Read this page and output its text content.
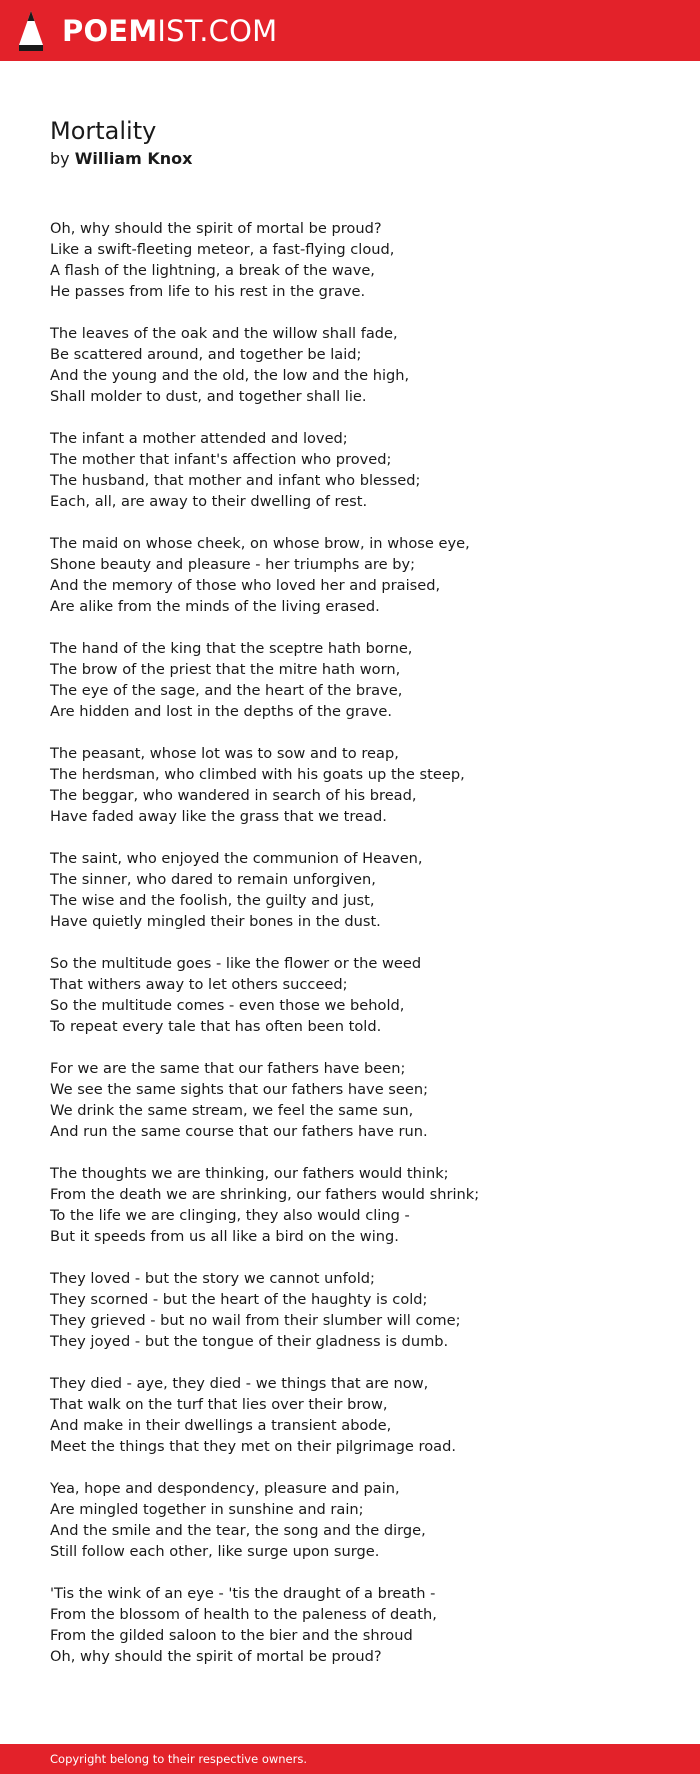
POEMIST.COM
Mortality
by William Knox
Oh, why should the spirit of mortal be proud?
Like a swift-fleeting meteor, a fast-flying cloud,
A flash of the lightning, a break of the wave,
He passes from life to his rest in the grave.
The leaves of the oak and the willow shall fade,
Be scattered around, and together be laid;
And the young and the old, the low and the high,
Shall molder to dust, and together shall lie.
The infant a mother attended and loved;
The mother that infant's affection who proved;
The husband, that mother and infant who blessed;
Each, all, are away to their dwelling of rest.
The maid on whose cheek, on whose brow, in whose eye,
Shone beauty and pleasure - her triumphs are by;
And the memory of those who loved her and praised,
Are alike from the minds of the living erased.
The hand of the king that the sceptre hath borne,
The brow of the priest that the mitre hath worn,
The eye of the sage, and the heart of the brave,
Are hidden and lost in the depths of the grave.
The peasant, whose lot was to sow and to reap,
The herdsman, who climbed with his goats up the steep,
The beggar, who wandered in search of his bread,
Have faded away like the grass that we tread.
The saint, who enjoyed the communion of Heaven,
The sinner, who dared to remain unforgiven,
The wise and the foolish, the guilty and just,
Have quietly mingled their bones in the dust.
So the multitude goes - like the flower or the weed
That withers away to let others succeed;
So the multitude comes - even those we behold,
To repeat every tale that has often been told.
For we are the same that our fathers have been;
We see the same sights that our fathers have seen;
We drink the same stream, we feel the same sun,
And run the same course that our fathers have run.
The thoughts we are thinking, our fathers would think;
From the death we are shrinking, our fathers would shrink;
To the life we are clinging, they also would cling -
But it speeds from us all like a bird on the wing.
They loved - but the story we cannot unfold;
They scorned - but the heart of the haughty is cold;
They grieved - but no wail from their slumber will come;
They joyed - but the tongue of their gladness is dumb.
They died - aye, they died - we things that are now,
That walk on the turf that lies over their brow,
And make in their dwellings a transient abode,
Meet the things that they met on their pilgrimage road.
Yea, hope and despondency, pleasure and pain,
Are mingled together in sunshine and rain;
And the smile and the tear, the song and the dirge,
Still follow each other, like surge upon surge.
'Tis the wink of an eye - 'tis the draught of a breath -
From the blossom of health to the paleness of death,
From the gilded saloon to the bier and the shroud
Oh, why should the spirit of mortal be proud?
Copyright belong to their respective owners.
